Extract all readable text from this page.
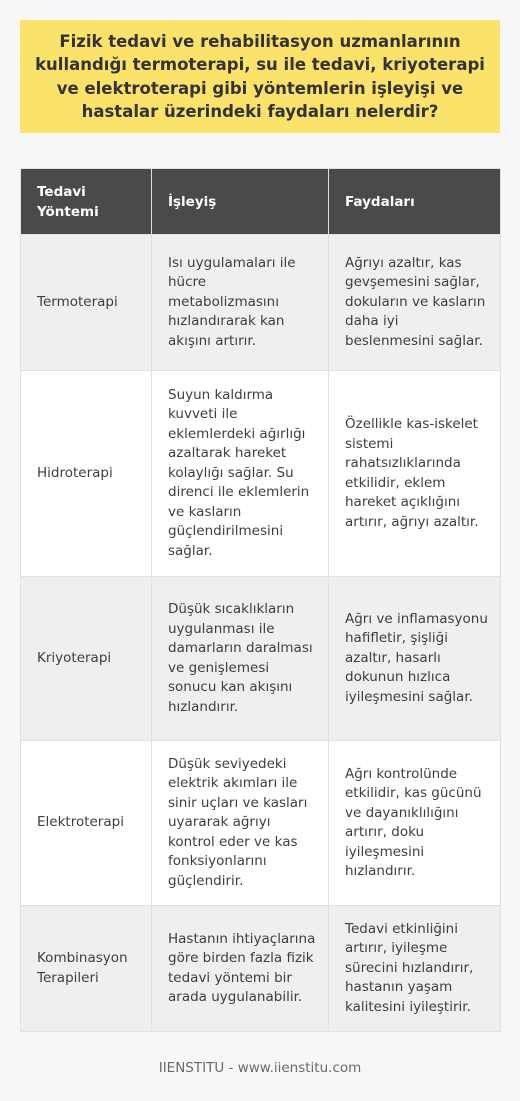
Fizik tedavi ve rehabilitasyon uzmanlarının kullandığı termoterapi, su ile tedavi, kriyoterapi ve elektroterapi gibi yöntemlerin işleyişi ve hastalar üzerindeki faydaları nelerdir?
Tedavi Yöntemi	İşleyiş	Faydaları
Termoterapi	Isı uygulamaları ile hücre metabolizmasını hızlandırarak kan akışını artırır.	Ağrıyı azaltır, kas gevşemesini sağlar, dokuların ve kasların daha iyi beslenmesini sağlar.
Hidroterapi	Suyun kaldırma kuvveti ile eklemlerdeki ağırlığı azaltarak hareket kolaylığı sağlar. Su direnci ile eklemlerin ve kasların güçlendirilmesini sağlar.	Özellikle kas-iskelet sistemi rahatsızlıklarında etkilidir, eklem hareket açıklığını artırır, ağrıyı azaltır.
Kriyoterapi	Düşük sıcaklıkların uygulanması ile damarların daralması ve genişlemesi sonucu kan akışını hızlandırır.	Ağrı ve inflamasyonu hafifletir, şişliği azaltır, hasarlı dokunun hızlıca iyileşmesini sağlar.
Elektroterapi	Düşük seviyedeki elektrik akımları ile sinir uçları ve kasları uyararak ağrıyı kontrol eder ve kas fonksiyonlarını güçlendirir.	Ağrı kontrolünde etkilidir, kas gücünü ve dayanıklılığını artırır, doku iyileşmesini hızlandırır.
Kombinasyon Terapileri	Hastanın ihtiyaçlarına göre birden fazla fizik tedavi yöntemi bir arada uygulanabilir.	Tedavi etkinliğini artırır, iyileşme sürecini hızlandırır, hastanın yaşam kalitesini iyileştirir.
IIENSTITU - www.iienstitu.com
